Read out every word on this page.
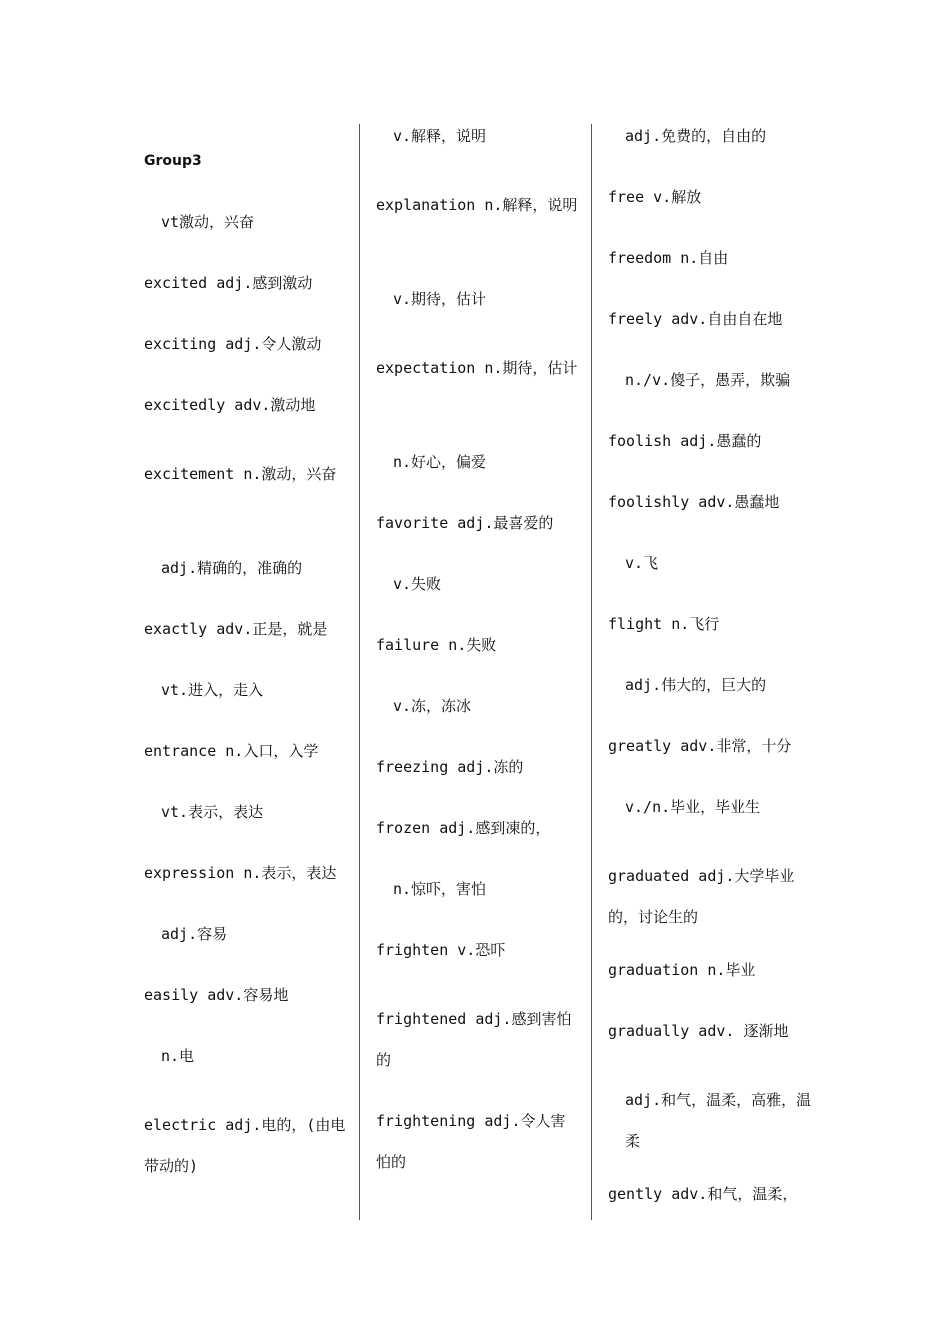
Group3
vt激动，兴奋
excited adj.感到激动
exciting adj.令人激动
excitedly adv.激动地
excitement n.激动，兴奋
adj.精确的，准确的
exactly adv.正是，就是
vt.进入，走入
entrance n.入口，入学
vt.表示，表达
expression n.表示，表达
adj.容易
easily adv.容易地
n.电
electric adj.电的，(由电带动的)
v.解释，说明
explanation n.解释，说明
v.期待，估计
expectation n.期待，估计
n.好心，偏爱
favorite adj.最喜爱的
v.失败
failure n.失败
v.冻，冻冰
freezing adj.冻的
frozen adj.感到凍的，
n.惊吓，害怕
frighten v.恐吓
frightened adj.感到害怕的
frightening adj.令人害怕的
adj.免费的，自由的
free v.解放
freedom n.自由
freely adv.自由自在地
n./v.傻子，愚弄，欺骗
foolish adj.愚蠢的
foolishly adv.愚蠢地
v.飞
flight n.飞行
adj.伟大的，巨大的
greatly adv.非常，十分
v./n.毕业，毕业生
graduated adj.大学毕业的，讨论生的
graduation n.毕业
gradually adv. 逐渐地
adj.和气，温柔，高雅，温柔
gently adv.和气，温柔，
